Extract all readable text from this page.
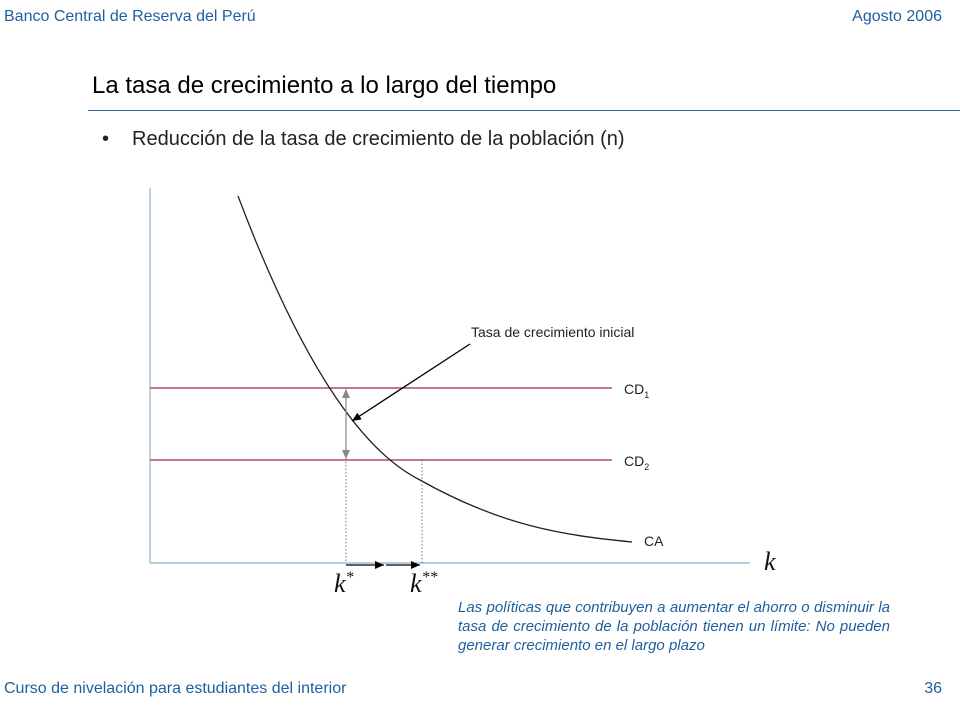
Banco Central de Reserva del Perú	Agosto 2006
La tasa de crecimiento a lo largo del tiempo
• Reducción de la tasa de crecimiento de la población (n)
Tasa de crecimiento inicial
$CD_1$
$CD_2$
CA
k
k* k**
Las políticas que contribuyen a aumentar el ahorro o disminuir la tasa de crecimiento de la población tienen un límite: No pueden generar crecimiento en el largo plazo
Curso de nivelación para estudiantes del interior	36
